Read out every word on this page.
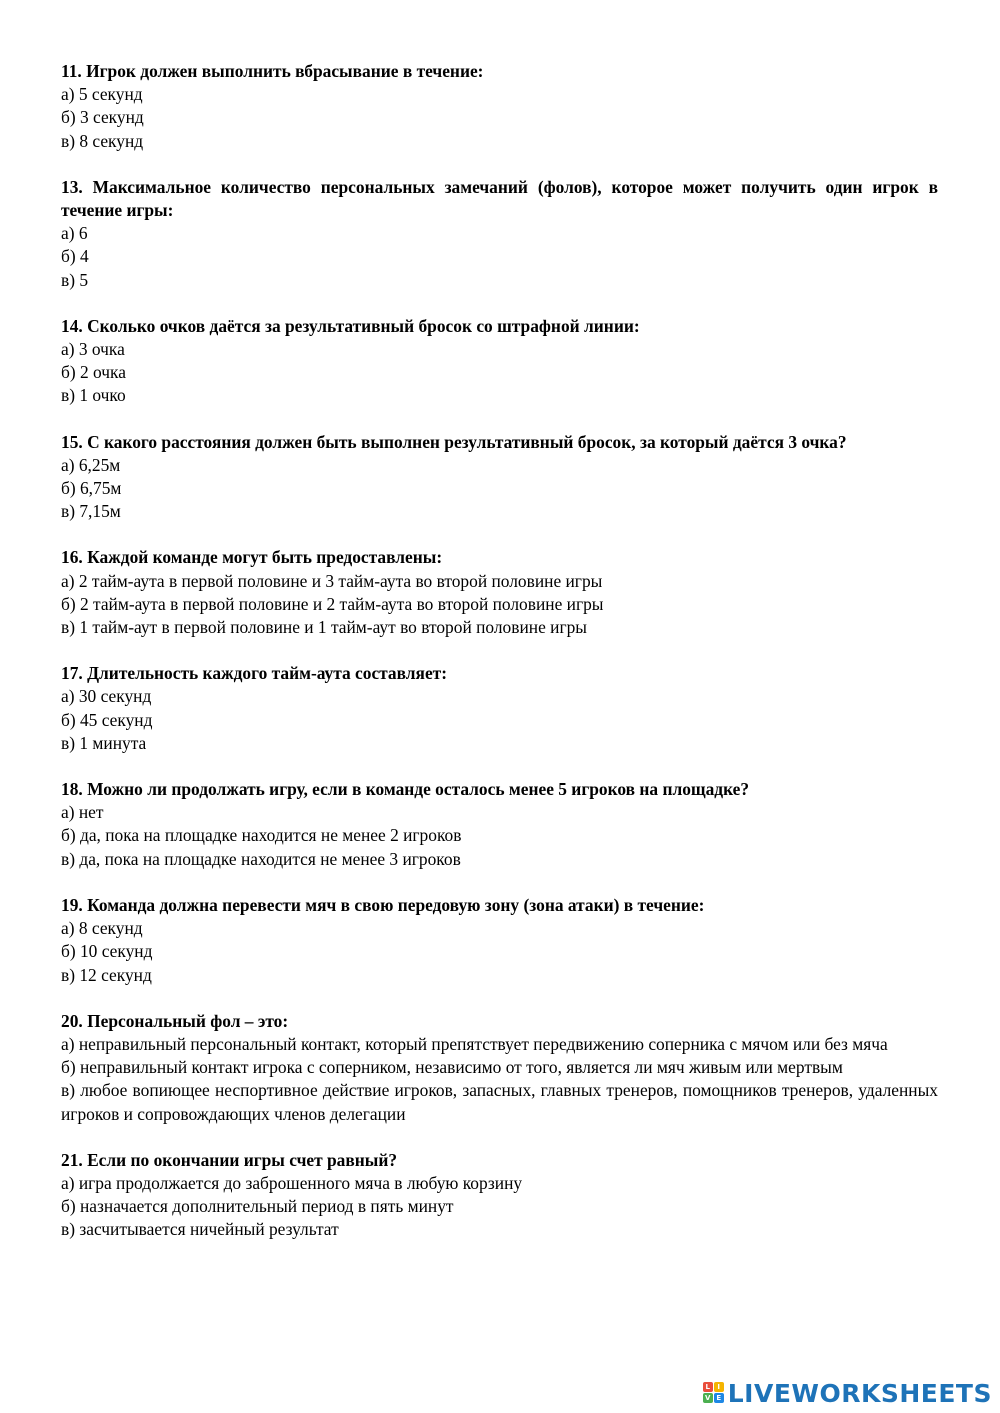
11. Игрок должен выполнить вбрасывание в течение:
а) 5 секунд
б) 3 секунд
в) 8 секунд
13. Максимальное количество персональных замечаний (фолов), которое может получить один игрок в течение игры:
а) 6
б) 4
в) 5
14. Сколько очков даётся за результативный бросок со штрафной линии:
а) 3 очка
б) 2 очка
в) 1 очко
15. С какого расстояния должен быть выполнен результативный бросок, за который даётся 3 очка?
а) 6,25м
б) 6,75м
в) 7,15м
16. Каждой команде могут быть предоставлены:
а) 2 тайм-аута в первой половине и 3 тайм-аута во второй половине игры
б) 2 тайм-аута в первой половине и 2 тайм-аута во второй половине игры
в) 1 тайм-аут в первой половине и 1 тайм-аут во второй половине игры
17. Длительность каждого тайм-аута составляет:
а) 30 секунд
б) 45 секунд
в) 1 минута
18. Можно ли продолжать игру, если в команде осталось менее 5 игроков на площадке?
а) нет
б) да, пока на площадке находится не менее 2 игроков
в) да, пока на площадке находится не менее 3 игроков
19. Команда должна перевести мяч в свою передовую зону (зона атаки) в течение:
а) 8 секунд
б) 10 секунд
в) 12 секунд
20. Персональный фол – это:
а) неправильный персональный контакт, который препятствует передвижению соперника с мячом или без мяча
б) неправильный контакт игрока с соперником, независимо от того, является ли мяч живым или мертвым
в) любое вопиющее неспортивное действие игроков, запасных, главных тренеров, помощников тренеров, удаленных игроков и сопровождающих членов делегации
21. Если по окончании игры счет равный?
а) игра продолжается до заброшенного мяча в любую корзину
б) назначается дополнительный период в пять минут
в) засчитывается ничейный результат
L	I
V E LIVEWORKSHEETS
